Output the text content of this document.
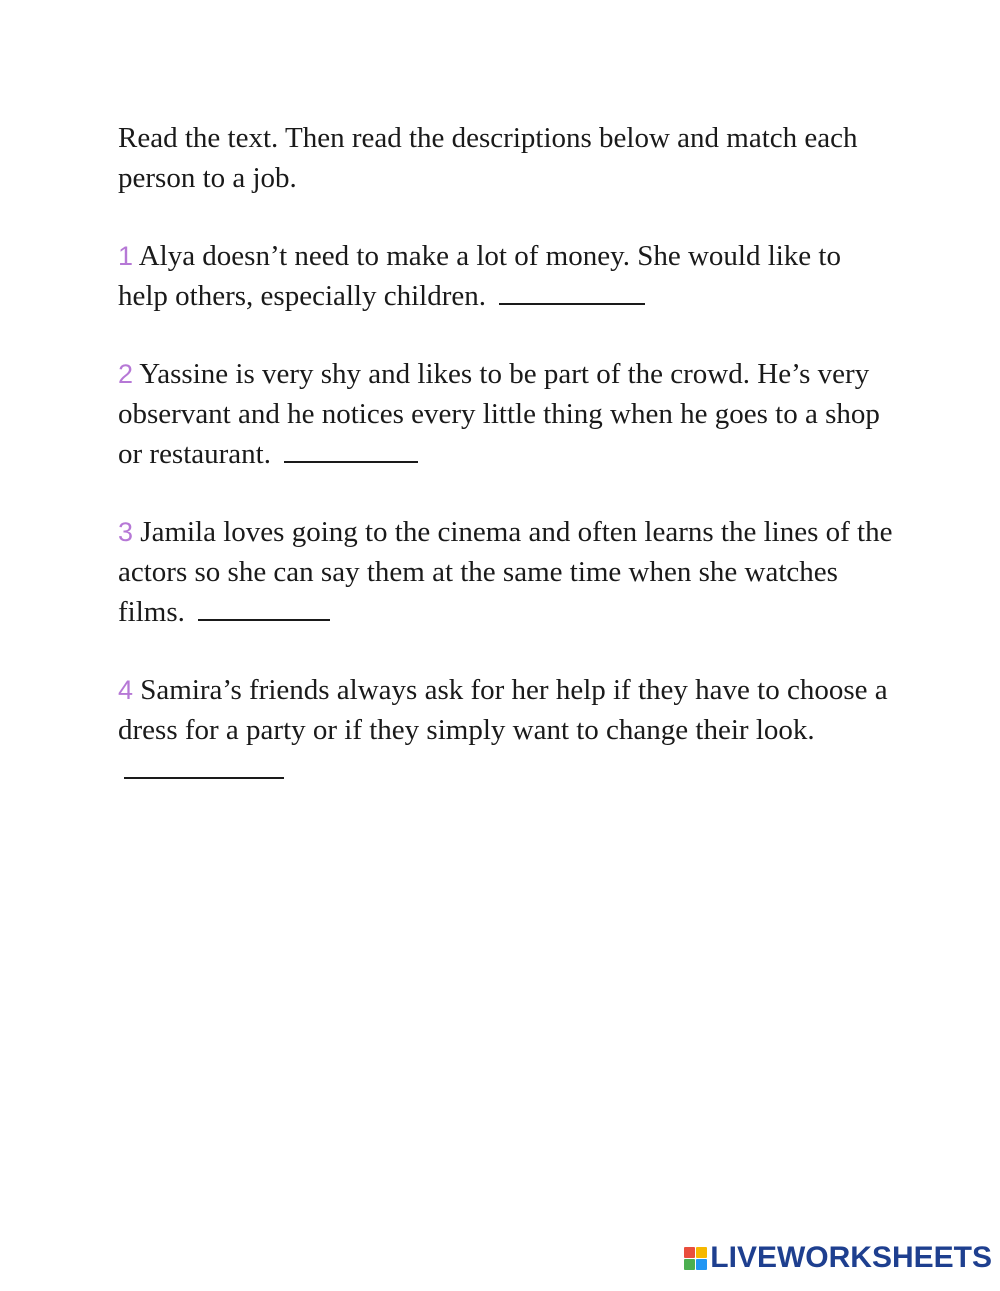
Read the text. Then read the descriptions below and match each person to a job.

1 Alya doesn’t need to make a lot of money. She would like to help others, especially children.

2 Yassine is very shy and likes to be part of the crowd. He’s very observant and he notices every little thing when he goes to a shop or restaurant.

3 Jamila loves going to the cinema and often learns the lines of the actors so she can say them at the same time when she watches films.

4 Samira’s friends always ask for her help if they have to choose a dress for a party or if they simply want to change their look.

LIVEWORKSHEETS
